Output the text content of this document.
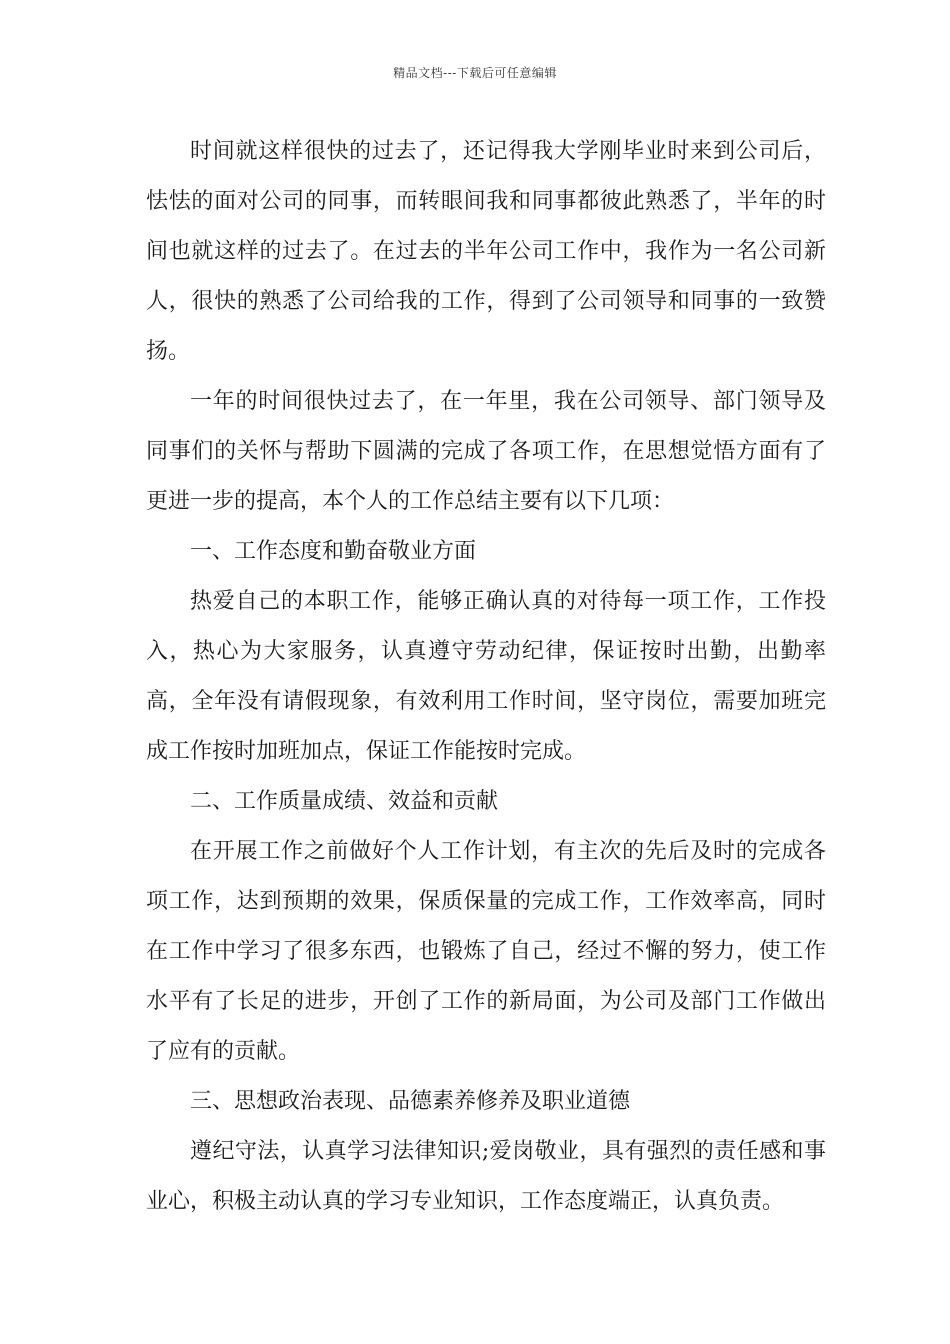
精品文档---下载后可任意编辑

时间就这样很快的过去了，还记得我大学刚毕业时来到公司后，怯怯的面对公司的同事，而转眼间我和同事都彼此熟悉了，半年的时间也就这样的过去了。在过去的半年公司工作中，我作为一名公司新人，很快的熟悉了公司给我的工作，得到了公司领导和同事的一致赞扬。

一年的时间很快过去了，在一年里，我在公司领导、部门领导及同事们的关怀与帮助下圆满的完成了各项工作，在思想觉悟方面有了更进一步的提高，本个人的工作总结主要有以下几项：

一、工作态度和勤奋敬业方面

热爱自己的本职工作，能够正确认真的对待每一项工作，工作投入，热心为大家服务，认真遵守劳动纪律，保证按时出勤，出勤率高，全年没有请假现象，有效利用工作时间，坚守岗位，需要加班完成工作按时加班加点，保证工作能按时完成。

二、工作质量成绩、效益和贡献

在开展工作之前做好个人工作计划，有主次的先后及时的完成各项工作，达到预期的效果，保质保量的完成工作，工作效率高，同时在工作中学习了很多东西，也锻炼了自己，经过不懈的努力，使工作水平有了长足的进步，开创了工作的新局面，为公司及部门工作做出了应有的贡献。

三、思想政治表现、品德素养修养及职业道德

遵纪守法，认真学习法律知识;爱岗敬业，具有强烈的责任感和事业心，积极主动认真的学习专业知识，工作态度端正，认真负责。
